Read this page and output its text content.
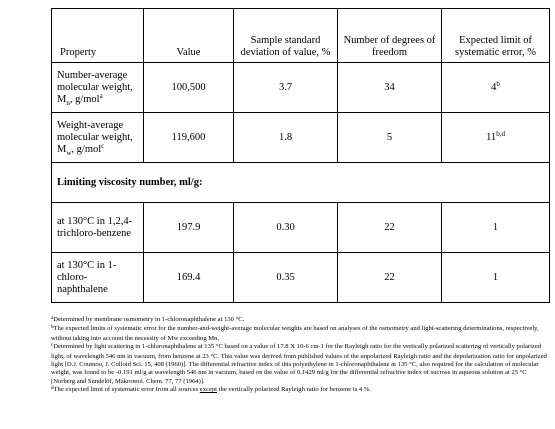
Property	Value	Sample standard deviation of value, %	Number of degrees of freedom	Expected limit of systematic error, %
Number-average molecular weight,
$M_n$, g/mol$^a$	100,500	3.7	34	4$^b$
Weight-average molecular weight,
$M_w$, g/mol$^c$	119,600	1.8	5	11$^{b,d}$
Limiting viscosity number, ml/g:				
at 130°C in 1,2,4-trichloro-benzene	197.9	0.30	22	1
at 130°C in 1-chloro-naphthalene	169.4	0.35	22	1

$^a$Determined by membrane osmometry in 1-chloronaphthalene at 130 °C.

$^b$The expected limits of systematic error for the number-and-weight-average molecular weights are based on analyses of the osmometry and light-scattering determinations, respectively, without taking into account the necessity of Mw exceeding Mn.

$^c$Determined by light scattering in 1-chloronaphthalene at 135 °C based on a value of 17.8 X 10-6 cm-1 for the Rayleigh ratio for the vertically polarized scattering of vertically polarized light, of wavelength 546 nm in vacuum, from benzene at 23 °C. This value was derived from published values of the unpolarized Rayleigh ratio and the depolarization ratio for unpolarized light [D.J. Coumou, J. Colloid Sci. 15, 408 (1960)]. The differential refractive index of this polyethylene in 1-chloronaphthalene at 135 °C, also required for the calculation of molecular weight, was found to be -0.191 ml/g at wavelength 546 nm in vacuum, based on the value of 0.1429 ml/g for the differential refractive index of sucrose in aqueous solution at 25 °C [Norberg and Sundelöf, Makromol. Chem. 77, 77 (1964)].

$^d$The expected limit of systematic error from all sources except the vertically polarized Rayleigh ratio for benzene is 4 %.
